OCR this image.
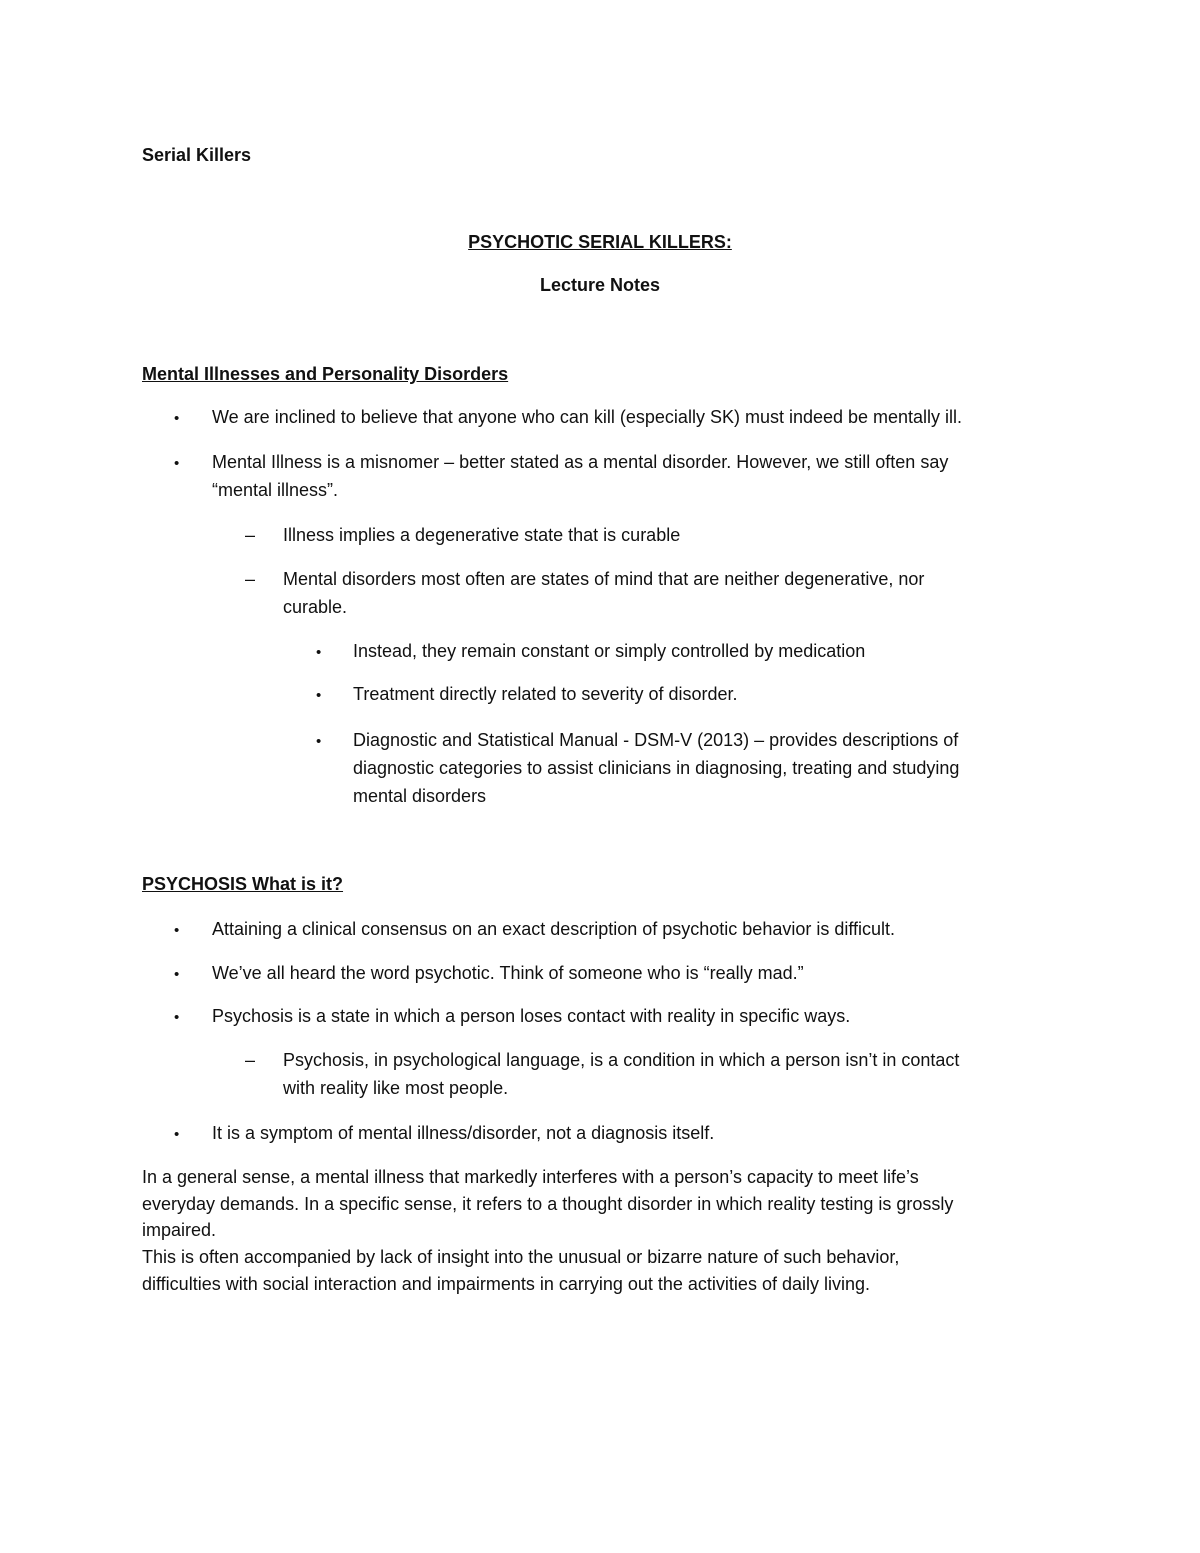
Serial Killers
PSYCHOTIC SERIAL KILLERS:
Lecture Notes
Mental Illnesses and Personality Disorders
• We are inclined to believe that anyone who can kill (especially SK) must indeed be mentally ill.
• Mental Illness is a misnomer – better stated as a mental disorder. However, we still often say
“mental illness”.
– Illness implies a degenerative state that is curable
– Mental disorders most often are states of mind that are neither degenerative, nor
curable.
• Instead, they remain constant or simply controlled by medication
• Treatment directly related to severity of disorder.
• Diagnostic and Statistical Manual - DSM-V (2013) – provides descriptions of
diagnostic categories to assist clinicians in diagnosing, treating and studying
mental disorders
PSYCHOSIS What is it?
• Attaining a clinical consensus on an exact description of psychotic behavior is difficult.
• We’ve all heard the word psychotic. Think of someone who is “really mad.”
• Psychosis is a state in which a person loses contact with reality in specific ways.
– Psychosis, in psychological language, is a condition in which a person isn’t in contact
with reality like most people.
• It is a symptom of mental illness/disorder, not a diagnosis itself.
In a general sense, a mental illness that markedly interferes with a person’s capacity to meet life’s
everyday demands. In a specific sense, it refers to a thought disorder in which reality testing is grossly
impaired.
This is often accompanied by lack of insight into the unusual or bizarre nature of such behavior,
difficulties with social interaction and impairments in carrying out the activities of daily living.
